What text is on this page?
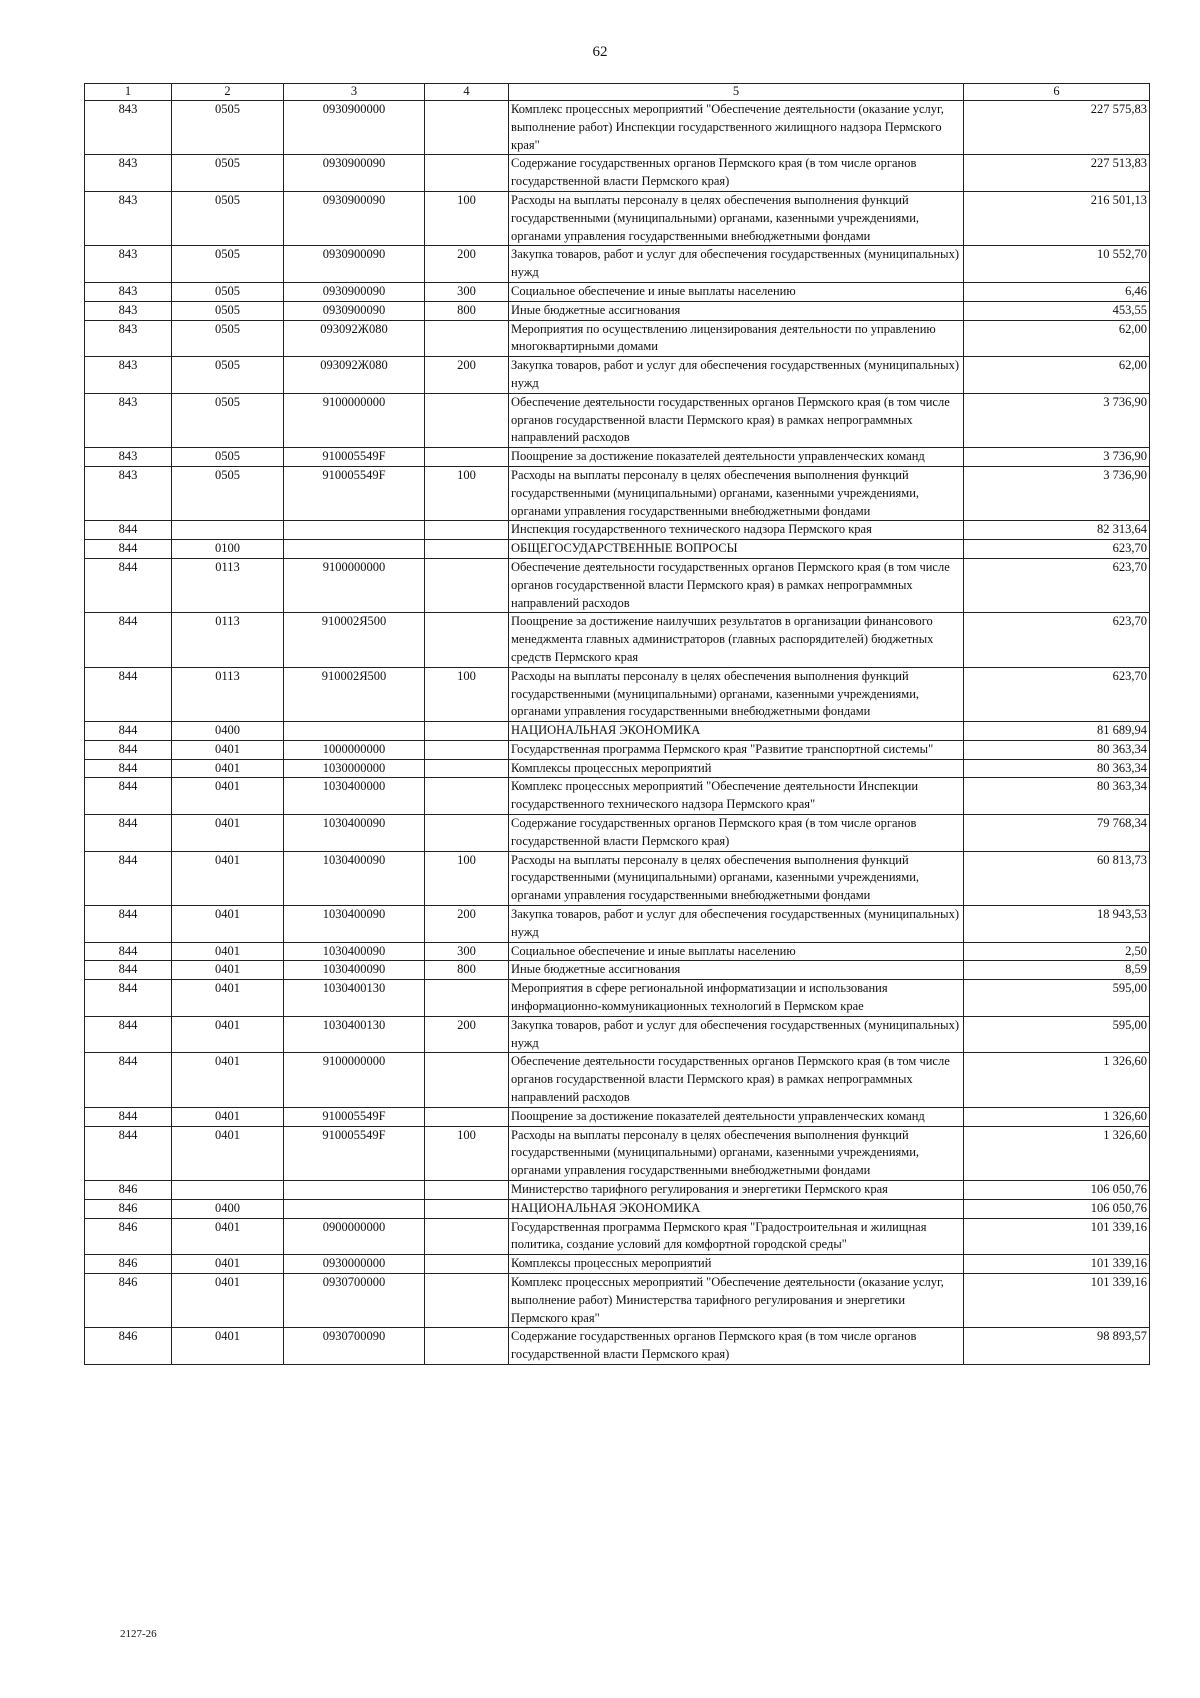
62
1	2	3	4	5	6
843	0505	0930900000		Комплекс процессных мероприятий "Обеспечение деятельности (оказание услуг, выполнение работ) Инспекции государственного жилищного надзора Пермского края"	227 575,83
843	0505	0930900090		Содержание государственных органов Пермского края (в том числе органов государственной власти Пермского края)	227 513,83
843	0505	0930900090	100	Расходы на выплаты персоналу в целях обеспечения выполнения функций государственными (муниципальными) органами, казенными учреждениями, органами управления государственными внебюджетными фондами	216 501,13
843	0505	0930900090	200	Закупка товаров, работ и услуг для обеспечения государственных (муниципальных) нужд	10 552,70
843	0505	0930900090	300	Социальное обеспечение и иные выплаты населению	6,46
843	0505	0930900090	800	Иные бюджетные ассигнования	453,55
843	0505	093092Ж080		Мероприятия по осуществлению лицензирования деятельности по управлению многоквартирными домами	62,00
843	0505	093092Ж080	200	Закупка товаров, работ и услуг для обеспечения государственных (муниципальных) нужд	62,00
843	0505	9100000000		Обеспечение деятельности государственных органов Пермского края (в том числе органов государственной власти Пермского края) в рамках непрограммных направлений расходов	3 736,90
843	0505	910005549F		Поощрение за достижение показателей деятельности управленческих команд	3 736,90
843	0505	910005549F	100	Расходы на выплаты персоналу в целях обеспечения выполнения функций государственными (муниципальными) органами, казенными учреждениями, органами управления государственными внебюджетными фондами	3 736,90
844				Инспекция государственного технического надзора Пермского края	82 313,64
844	0100			ОБЩЕГОСУДАРСТВЕННЫЕ ВОПРОСЫ	623,70
844	0113	9100000000		Обеспечение деятельности государственных органов Пермского края (в том числе органов государственной власти Пермского края) в рамках непрограммных направлений расходов	623,70
844	0113	910002Я500		Поощрение за достижение наилучших результатов в организации финансового менеджмента главных администраторов (главных распорядителей) бюджетных средств Пермского края	623,70
844	0113	910002Я500	100	Расходы на выплаты персоналу в целях обеспечения выполнения функций государственными (муниципальными) органами, казенными учреждениями, органами управления государственными внебюджетными фондами	623,70
844	0400			НАЦИОНАЛЬНАЯ ЭКОНОМИКА	81 689,94
844	0401	1000000000		Государственная программа Пермского края "Развитие транспортной системы"	80 363,34
844	0401	1030000000		Комплексы процессных мероприятий	80 363,34
844	0401	1030400000		Комплекс процессных мероприятий "Обеспечение деятельности Инспекции государственного технического надзора Пермского края"	80 363,34
844	0401	1030400090		Содержание государственных органов Пермского края (в том числе органов государственной власти Пермского края)	79 768,34
844	0401	1030400090	100	Расходы на выплаты персоналу в целях обеспечения выполнения функций государственными (муниципальными) органами, казенными учреждениями, органами управления государственными внебюджетными фондами	60 813,73
844	0401	1030400090	200	Закупка товаров, работ и услуг для обеспечения государственных (муниципальных) нужд	18 943,53
844	0401	1030400090	300	Социальное обеспечение и иные выплаты населению	2,50
844	0401	1030400090	800	Иные бюджетные ассигнования	8,59
844	0401	1030400130		Мероприятия в сфере региональной информатизации и использования информационно-коммуникационных технологий в Пермском крае	595,00
844	0401	1030400130	200	Закупка товаров, работ и услуг для обеспечения государственных (муниципальных) нужд	595,00
844	0401	9100000000		Обеспечение деятельности государственных органов Пермского края (в том числе органов государственной власти Пермского края) в рамках непрограммных направлений расходов	1 326,60
844	0401	910005549F		Поощрение за достижение показателей деятельности управленческих команд	1 326,60
844	0401	910005549F	100	Расходы на выплаты персоналу в целях обеспечения выполнения функций государственными (муниципальными) органами, казенными учреждениями, органами управления государственными внебюджетными фондами	1 326,60
846				Министерство тарифного регулирования и энергетики Пермского края	106 050,76
846	0400			НАЦИОНАЛЬНАЯ ЭКОНОМИКА	106 050,76
846	0401	0900000000		Государственная программа Пермского края "Градостроительная и жилищная политика, создание условий для комфортной городской среды"	101 339,16
846	0401	0930000000		Комплексы процессных мероприятий	101 339,16
846	0401	0930700000		Комплекс процессных мероприятий "Обеспечение деятельности (оказание услуг, выполнение работ) Министерства тарифного регулирования и энергетики Пермского края"	101 339,16
846	0401	0930700090		Содержание государственных органов Пермского края (в том числе органов государственной власти Пермского края)	98 893,57
2127-26
